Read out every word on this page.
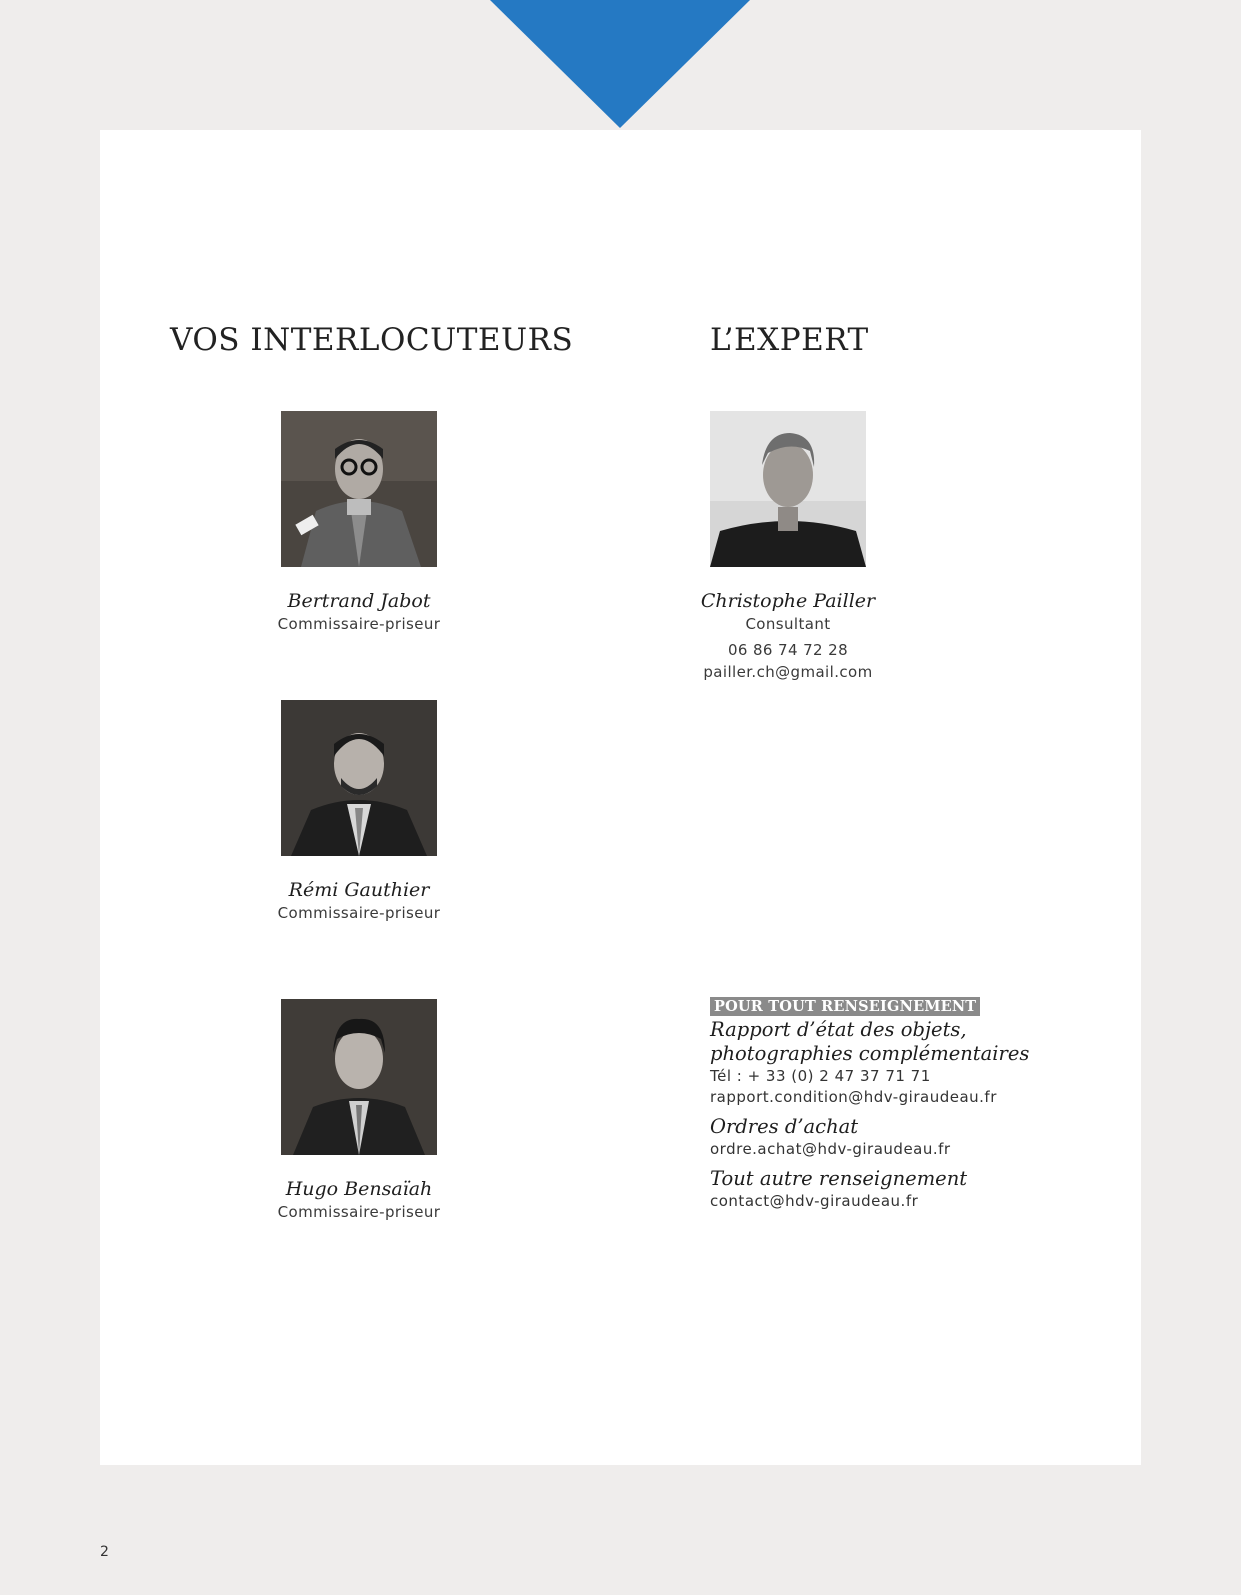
VOS INTERLOCUTEURS	L’EXPERT
Bertrand Jabot
Commissaire-priseur
Rémi Gauthier
Commissaire-priseur
Hugo Bensaïah
Commissaire-priseur
Christophe Pailler
Consultant
06 86 74 72 28
pailler.ch@gmail.com
POUR TOUT RENSEIGNEMENT
Rapport d’état des objets,
photographies complémentaires
Tél : + 33 (0) 2 47 37 71 71
rapport.condition@hdv-giraudeau.fr
Ordres d’achat
ordre.achat@hdv-giraudeau.fr
Tout autre renseignement
contact@hdv-giraudeau.fr
2
